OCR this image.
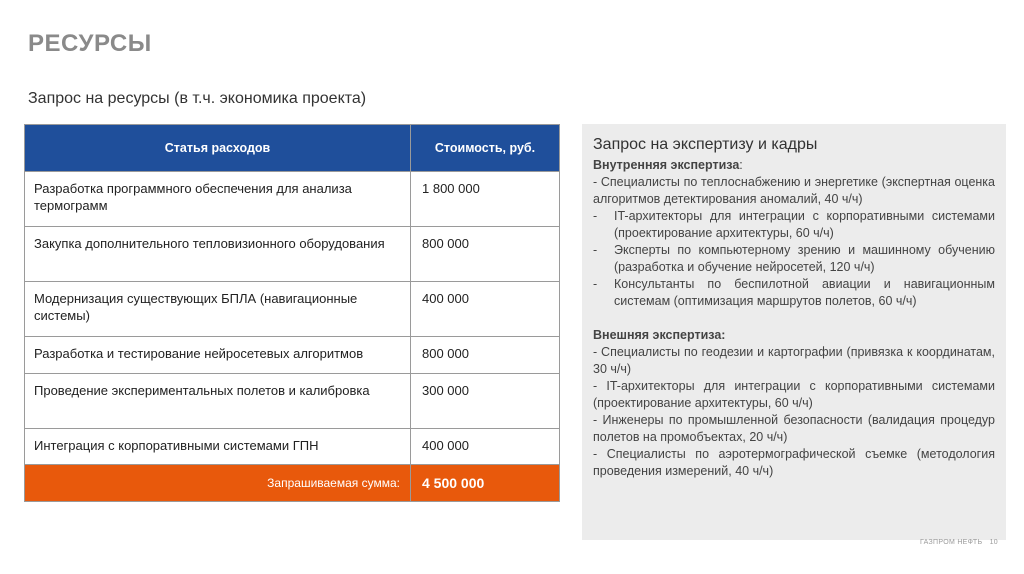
РЕСУРСЫ
Запрос на ресурсы (в т.ч. экономика проекта)
Статья расходов	Стоимость, руб.
Разработка программного обеспечения для анализа термограмм	1 800 000
Закупка дополнительного тепловизионного оборудования	800 000
Модернизация существующих БПЛА (навигационные системы)	400 000
Разработка и тестирование нейросетевых алгоритмов	800 000
Проведение экспериментальных полетов и калибровка	300 000
Интеграция с корпоративными системами ГПН	400 000
Запрашиваемая сумма:	4 500 000
Запрос на экспертизу и кадры

Внутренняя экспертиза:

- Специалисты по теплоснабжению и энергетике (экспертная оценка алгоритмов детектирования аномалий, 40 ч/ч)

- IT-архитекторы для интеграции с корпоративными системами (проектирование архитектуры, 60 ч/ч)
- Эксперты по компьютерному зрению и машинному обучению (разработка и обучение нейросетей, 120 ч/ч)
- Консультанты по беспилотной авиации и навигационным системам (оптимизация маршрутов полетов, 60 ч/ч)

Внешняя экспертиза:

- Специалисты по геодезии и картографии (привязка к координатам, 30 ч/ч)

- IT-архитекторы для интеграции с корпоративными системами (проектирование архитектуры, 60 ч/ч)

- Инженеры по промышленной безопасности (валидация процедур полетов на промобъектах, 20 ч/ч)

- Специалисты по аэротермографической съемке (методология проведения измерений, 40 ч/ч)

ГАЗПРОМ НЕФТЬ 10
